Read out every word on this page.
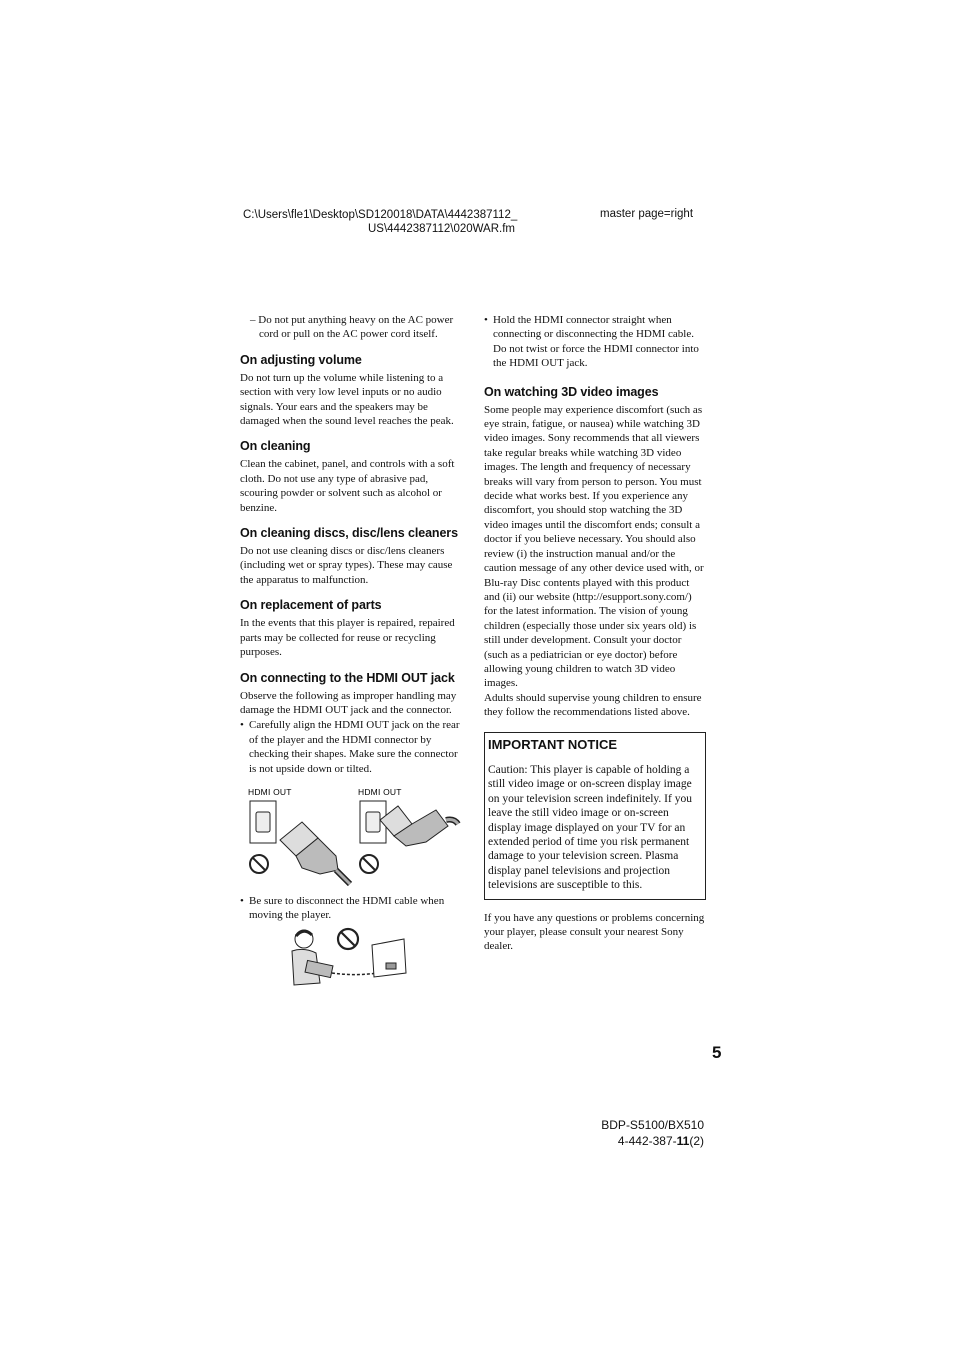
C:\Users\fle1\Desktop\SD120018\DATA\4442387112_
US\4442387112\020WAR.fm
master page=right

– Do not put anything heavy on the AC power cord or pull on the AC power cord itself.

On adjusting volume

Do not turn up the volume while listening to a section with very low level inputs or no audio signals. Your ears and the speakers may be damaged when the sound level reaches the peak.

On cleaning

Clean the cabinet, panel, and controls with a soft cloth. Do not use any type of abrasive pad, scouring powder or solvent such as alcohol or benzine.

On cleaning discs, disc/lens cleaners

Do not use cleaning discs or disc/lens cleaners (including wet or spray types). These may cause the apparatus to malfunction.

On replacement of parts

In the events that this player is repaired, repaired parts may be collected for reuse or recycling purposes.

On connecting to the HDMI OUT jack

Observe the following as improper handling may damage the HDMI OUT jack and the connector.

• Carefully align the HDMI OUT jack on the rear of the player and the HDMI connector by checking their shapes. Make sure the connector is not upside down or tilted.
HDMI OUT	HDMI OUT
• Be sure to disconnect the HDMI cable when moving the player.
• Hold the HDMI connector straight when connecting or disconnecting the HDMI cable. Do not twist or force the HDMI connector into the HDMI OUT jack.
On watching 3D video images

Some people may experience discomfort (such as eye strain, fatigue, or nausea) while watching 3D video images. Sony recommends that all viewers take regular breaks while watching 3D video images. The length and frequency of necessary breaks will vary from person to person. You must decide what works best. If you experience any discomfort, you should stop watching the 3D video images until the discomfort ends; consult a doctor if you believe necessary. You should also review (i) the instruction manual and/or the caution message of any other device used with, or Blu-ray Disc contents played with this product and (ii) our website (http://esupport.sony.com/) for the latest information. The vision of young children (especially those under six years old) is still under development. Consult your doctor (such as a pediatrician or eye doctor) before allowing young children to watch 3D video images.

Adults should supervise young children to ensure they follow the recommendations listed above.

IMPORTANT NOTICE

Caution: This player is capable of holding a still video image or on-screen display image on your television screen indefinitely. If you leave the still video image or on-screen display image displayed on your TV for an extended period of time you risk permanent damage to your television screen. Plasma display panel televisions and projection televisions are susceptible to this.

If you have any questions or problems concerning your player, please consult your nearest Sony dealer.

5
BDP-S5100/BX510
4-442-387-11(2)
